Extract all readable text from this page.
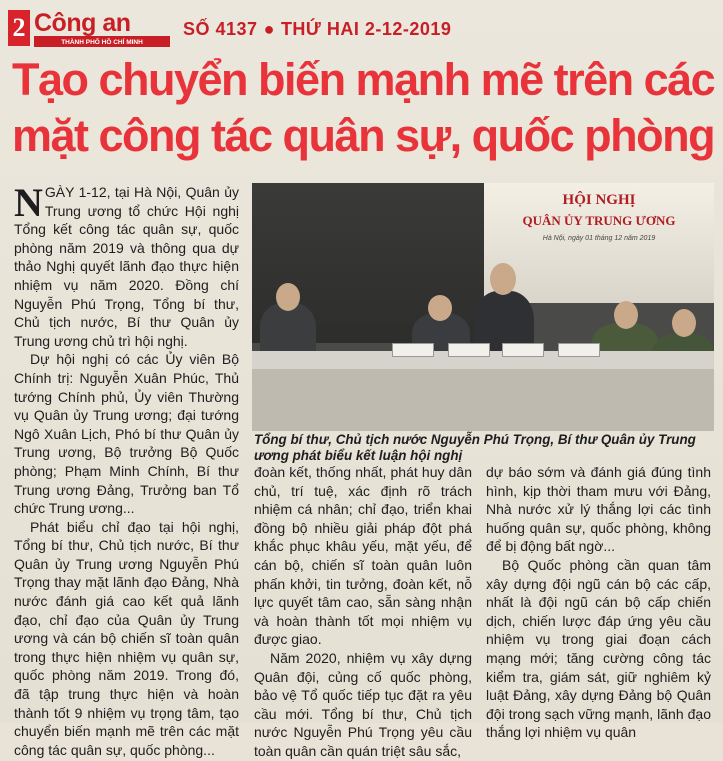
2 Công an
THÀNH PHỐ HỒ CHÍ MINH
SỐ 4137 ● THỨ HAI 2-12-2019
Tạo chuyển biến mạnh mẽ trên các
mặt công tác quân sự, quốc phòng

NGÀY 1-12, tại Hà Nội, Quân ủy Trung ương tổ chức Hội nghị Tổng kết công tác quân sự, quốc phòng năm 2019 và thông qua dự thảo Nghị quyết lãnh đạo thực hiện nhiệm vụ năm 2020. Đồng chí Nguyễn Phú Trọng, Tổng bí thư, Chủ tịch nước, Bí thư Quân ủy Trung ương chủ trì hội nghị.

Dự hội nghị có các Ủy viên Bộ Chính trị: Nguyễn Xuân Phúc, Thủ tướng Chính phủ, Ủy viên Thường vụ Quân ủy Trung ương; đại tướng Ngô Xuân Lịch, Phó bí thư Quân ủy Trung ương, Bộ trưởng Bộ Quốc phòng; Phạm Minh Chính, Bí thư Trung ương Đảng, Trưởng ban Tổ chức Trung ương...

Phát biểu chỉ đạo tại hội nghị, Tổng bí thư, Chủ tịch nước, Bí thư Quân ủy Trung ương Nguyễn Phú Trọng thay mặt lãnh đạo Đảng, Nhà nước đánh giá cao kết quả lãnh đạo, chỉ đạo của Quân ủy Trung ương và cán bộ chiến sĩ toàn quân trong thực hiện nhiệm vụ quân sự, quốc phòng năm 2019. Trong đó, đã tập trung thực hiện và hoàn thành tốt 9 nhiệm vụ trọng tâm, tạo chuyển biến mạnh mẽ trên các mặt công tác quân sự, quốc phòng...

HỘI NGHỊ
QUÂN ỦY TRUNG ƯƠNG
Hà Nội, ngày 01 tháng 12 năm 2019
Tổng bí thư, Chủ tịch nước Nguyễn Phú Trọng, Bí thư Quân ủy Trung ương phát biểu kết luận hội nghị

đoàn kết, thống nhất, phát huy dân chủ, trí tuệ, xác định rõ trách nhiệm cá nhân; chỉ đạo, triển khai đồng bộ nhiều giải pháp đột phá khắc phục khâu yếu, mặt yếu, để cán bộ, chiến sĩ toàn quân luôn phấn khởi, tin tưởng, đoàn kết, nỗ lực quyết tâm cao, sẵn sàng nhận và hoàn thành tốt mọi nhiệm vụ được giao.

Năm 2020, nhiệm vụ xây dựng Quân đội, củng cố quốc phòng, bảo vệ Tổ quốc tiếp tục đặt ra yêu cầu mới. Tổng bí thư, Chủ tịch nước Nguyễn Phú Trọng yêu cầu toàn quân cần quán triệt sâu sắc,

dự báo sớm và đánh giá đúng tình hình, kịp thời tham mưu với Đảng, Nhà nước xử lý thắng lợi các tình huống quân sự, quốc phòng, không để bị động bất ngờ...

Bộ Quốc phòng cần quan tâm xây dựng đội ngũ cán bộ các cấp, nhất là đội ngũ cán bộ cấp chiến dịch, chiến lược đáp ứng yêu cầu nhiệm vụ trong giai đoạn cách mạng mới; tăng cường công tác kiểm tra, giám sát, giữ nghiêm kỷ luật Đảng, xây dựng Đảng bộ Quân đội trong sạch vững mạnh, lãnh đạo thắng lợi nhiệm vụ quân
